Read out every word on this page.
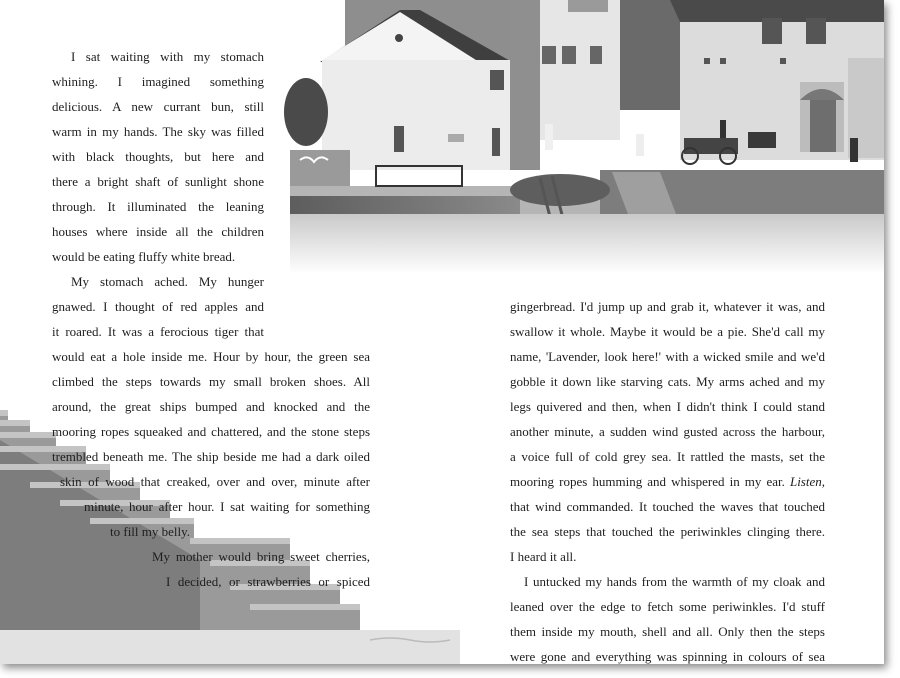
I sat waiting with my stomach
whining. I imagined something
delicious. A new currant bun, still
warm in my hands. The sky was filled
with black thoughts, but here and
there a bright shaft of sunlight shone
through. It illuminated the leaning
houses where inside all the children
would be eating fluffy white bread.
My stomach ached. My hunger
gnawed. I thought of red apples and
it roared. It was a ferocious tiger that
would eat a hole inside me. Hour by hour, the green sea
climbed the steps towards my small broken shoes. All
around, the great ships bumped and knocked and the
mooring ropes squeaked and chattered, and the stone steps
trembled beneath me. The ship beside me had a dark oiled
skin of wood that creaked, over and over, minute after
minute, hour after hour. I sat waiting for something
to fill my belly.
My mother would bring sweet cherries,
I decided, or strawberries or spiced
gingerbread. I'd jump up and grab it, whatever it was, and
swallow it whole. Maybe it would be a pie. She'd call my
name, 'Lavender, look here!' with a wicked smile and we'd
gobble it down like starving cats. My arms ached and my
legs quivered and then, when I didn't think I could stand
another minute, a sudden wind gusted across the harbour,
a voice full of cold grey sea. It rattled the masts, set the
mooring ropes humming and whispered in my ear. Listen,
that wind commanded. It touched the waves that touched
the sea steps that touched the periwinkles clinging there.
I heard it all.
I untucked my hands from the warmth of my cloak and
leaned over the edge to fetch some periwinkles. I'd stuff
them inside my mouth, shell and all. Only then the steps
were gone and everything was spinning in colours of sea
